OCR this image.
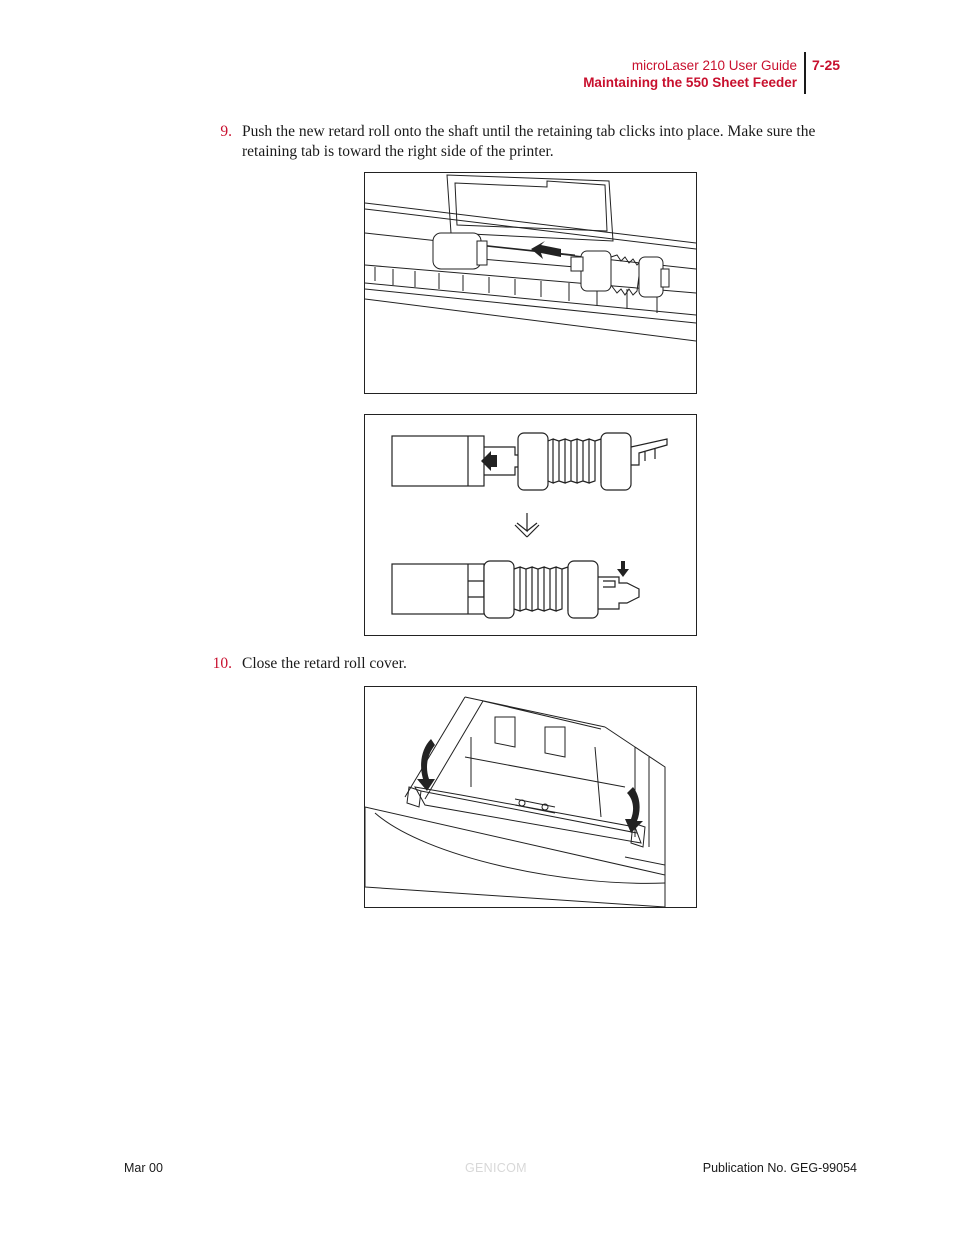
microLaser 210 User Guide
Maintaining the 550 Sheet Feeder
7-25
9. Push the new retard roll onto the shaft until the retaining tab clicks into place. Make sure the
retaining tab is toward the right side of the printer.
10. Close the retard roll cover.
Mar 00	GENICOM	Publication No. GEG-99054
